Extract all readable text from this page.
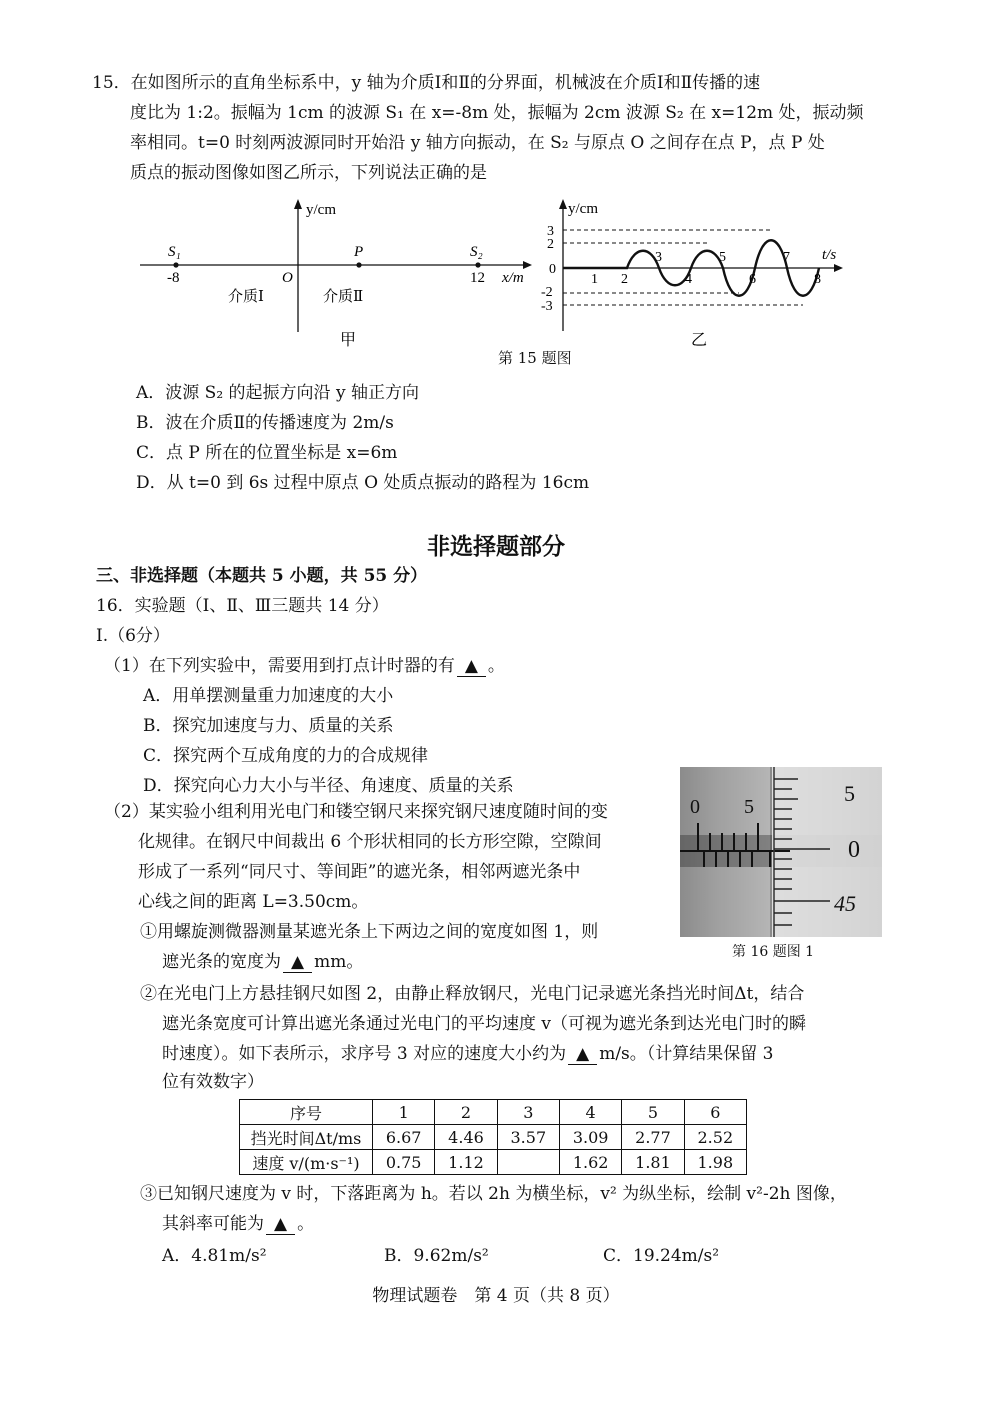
15．在如图所示的直角坐标系中，y 轴为介质Ⅰ和Ⅱ的分界面，机械波在介质Ⅰ和Ⅱ传播的速
度比为 1:2。振幅为 1cm 的波源 S₁ 在 x=-8m 处，振幅为 2cm 波源 S₂ 在 x=12m 处，振动频
率相同。t=0 时刻两波源同时开始沿 y 轴方向振动，在 S₂ 与原点 O 之间存在点 P，点 P 处
质点的振动图像如图乙所示，下列说法正确的是
y/cm
x/m
S₁
-8
S₂
12
P
O
介质Ⅰ	介质Ⅱ
甲
y/cm
t/s
3
2
0
-2
-3
1 2
3
4
5
6
7
8
乙
第 15 题图
A．波源 S₂ 的起振方向沿 y 轴正方向
B．波在介质Ⅱ的传播速度为 2m/s
C．点 P 所在的位置坐标是 x=6m
D．从 t=0 到 6s 过程中原点 O 处质点振动的路程为 16cm
非选择题部分
三、非选择题（本题共 5 小题，共 55 分）
16．实验题（Ⅰ、Ⅱ、Ⅲ三题共 14 分）
Ⅰ.（6分）
（1）在下列实验中，需要用到打点计时器的有 ▲ 。
A．用单摆测量重力加速度的大小
B．探究加速度与力、质量的关系
C．探究两个互成角度的力的合成规律
D．探究向心力大小与半径、角速度、质量的关系
（2）某实验小组利用光电门和镂空钢尺来探究钢尺速度随时间的变
化规律。在钢尺中间裁出 6 个形状相同的长方形空隙，空隙间
形成了一系列“同尺寸、等间距”的遮光条，相邻两遮光条中
心线之间的距离 L=3.50cm。
①用螺旋测微器测量某遮光条上下两边之间的宽度如图 1，则
遮光条的宽度为 ▲ mm。
0 5
5
0
45
第 16 题图 1
②在光电门上方悬挂钢尺如图 2，由静止释放钢尺，光电门记录遮光条挡光时间Δt，结合
遮光条宽度可计算出遮光条通过光电门的平均速度 v（可视为遮光条到达光电门时的瞬
时速度）。如下表所示，求序号 3 对应的速度大小约为 ▲ m/s。（计算结果保留 3
位有效数字）
序号	1	2	3	4	5	6
挡光时间Δt/ms	6.67	4.46	3.57	3.09	2.77	2.52
速度 v/(m·s⁻¹)	0.75	1.12		1.62	1.81	1.98
③已知钢尺速度为 v 时，下落距离为 h。若以 2h 为横坐标，v² 为纵坐标，绘制 v²-2h 图像，
其斜率可能为 ▲ 。
A．4.81m/s²	B．9.62m/s²	C．19.24m/s²
物理试题卷　第 4 页（共 8 页）
